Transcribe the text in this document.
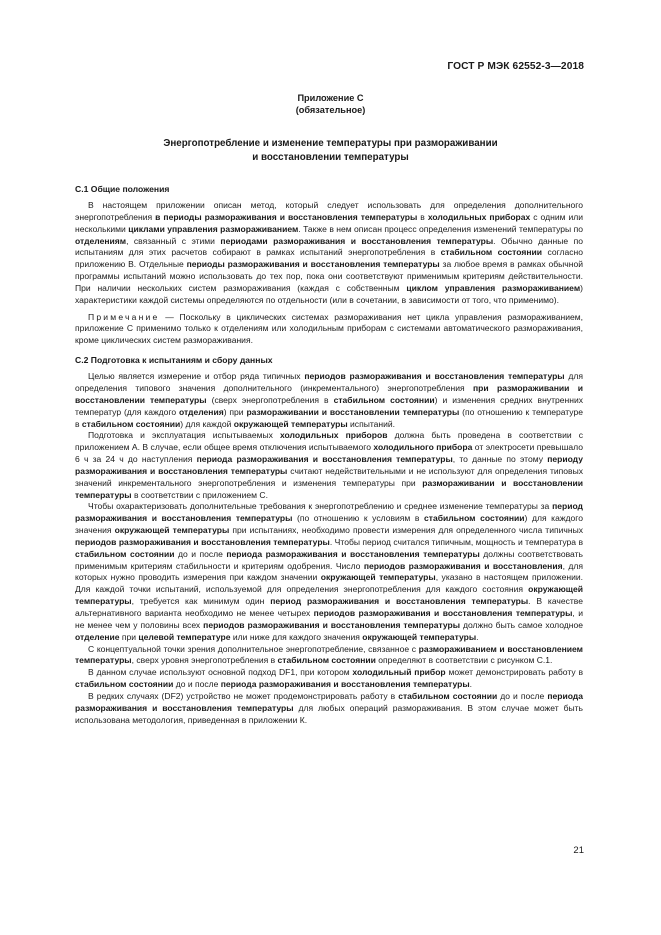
ГОСТ Р МЭК 62552-3—2018
Приложение С
(обязательное)
Энергопотребление и изменение температуры при размораживании
и восстановлении температуры
С.1 Общие положения

В настоящем приложении описан метод, который следует использовать для определения дополнительного энергопотребления в периоды размораживания и восстановления температуры в холодильных приборах с одним или несколькими циклами управления размораживанием. Также в нем описан процесс определения изменений температуры по отделениям, связанный с этими периодами размораживания и восстановления температуры. Обычно данные по испытаниям для этих расчетов собирают в рамках испытаний энергопотребления в стабильном состоянии согласно приложению В. Отдельные периоды размораживания и восстановления температуры за любое время в рамках обычной программы испытаний можно использовать до тех пор, пока они соответствуют применимым критериям действительности. При наличии нескольких систем размораживания (каждая с собственным циклом управления размораживанием) характеристики каждой системы определяются по отдельности (или в сочетании, в зависимости от того, что применимо).

Примечание — Поскольку в циклических системах размораживания нет цикла управления размораживанием, приложение С применимо только к отделениям или холодильным приборам с системами автоматического размораживания, кроме циклических систем размораживания.

С.2 Подготовка к испытаниям и сбору данных

Целью является измерение и отбор ряда типичных периодов размораживания и восстановления температуры для определения типового значения дополнительного (инкрементального) энергопотребления при размораживании и восстановлении температуры (сверх энергопотребления в стабильном состоянии) и изменения средних внутренних температур (для каждого отделения) при размораживании и восстановлении температуры (по отношению к температуре в стабильном состоянии) для каждой окружающей температуры испытаний.

Подготовка и эксплуатация испытываемых холодильных приборов должна быть проведена в соответствии с приложением А. В случае, если общее время отключения испытываемого холодильного прибора от электросети превышало 6 ч за 24 ч до наступления периода размораживания и восстановления температуры, то данные по этому периоду размораживания и восстановления температуры считают недействительными и не используют для определения типовых значений инкрементального энергопотребления и изменения температуры при размораживании и восстановлении температуры в соответствии с приложением С.

Чтобы охарактеризовать дополнительные требования к энергопотреблению и среднее изменение температуры за период размораживания и восстановления температуры (по отношению к условиям в стабильном состоянии) для каждого значения окружающей температуры при испытаниях, необходимо провести измерения для определенного числа типичных периодов размораживания и восстановления температуры. Чтобы период считался типичным, мощность и температура в стабильном состоянии до и после периода размораживания и восстановления температуры должны соответствовать применимым критериям стабильности и критериям одобрения. Число периодов размораживания и восстановления, для которых нужно проводить измерения при каждом значении окружающей температуры, указано в настоящем приложении. Для каждой точки испытаний, используемой для определения энергопотребления для каждого состояния окружающей температуры, требуется как минимум один период размораживания и восстановления температуры. В качестве альтернативного варианта необходимо не менее четырех периодов размораживания и восстановления температуры, и не менее чем у половины всех периодов размораживания и восстановления температуры должно быть самое холодное отделение при целевой температуре или ниже для каждого значения окружающей температуры.

С концептуальной точки зрения дополнительное энергопотребление, связанное с размораживанием и восстановлением температуры, сверх уровня энергопотребления в стабильном состоянии определяют в соответствии с рисунком С.1.

В данном случае используют основной подход DF1, при котором холодильный прибор может демонстрировать работу в стабильном состоянии до и после периода размораживания и восстановления температуры.

В редких случаях (DF2) устройство не может продемонстрировать работу в стабильном состоянии до и после периода размораживания и восстановления температуры для любых операций размораживания. В этом случае может быть использована методология, приведенная в приложении К.

21
